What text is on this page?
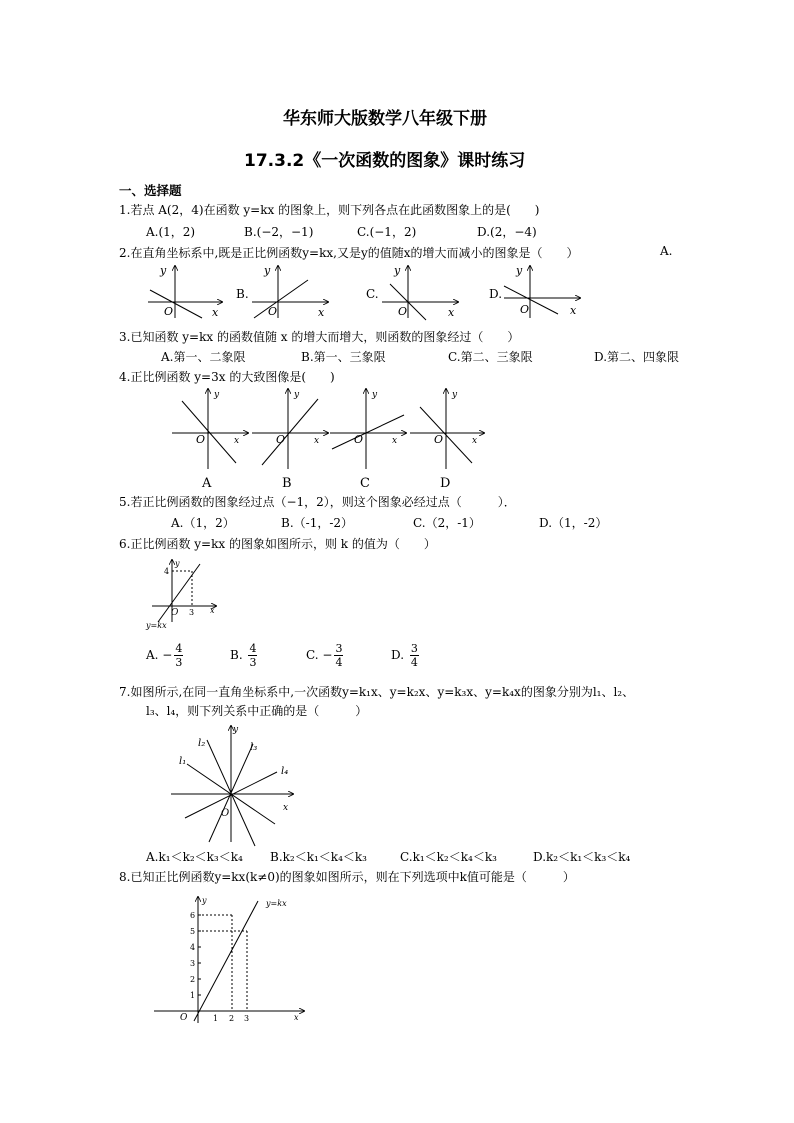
华东师大版数学八年级下册
17.3.2《一次函数的图象》课时练习
一、选择题
1.若点 A(2，4)在函数 y=kx 的图象上，则下列各点在此函数图象上的是(　　)
A.(1，2)	B.(−2，−1)	C.(−1，2)	D.(2，−4)
2.在直角坐标系中,既是正比例函数y=kx,又是y的值随x的增大而减小的图象是（　　）	A.
B.	C.	D.
y
O	x
y
O	x
y
O	x
y
O	x
3.已知函数 y=kx 的函数值随 x 的增大而增大，则函数的图象经过（　　）
A.第一、二象限	B.第一、三象限	C.第二、三象限	D.第二、四象限
4.正比例函数 y=3x 的大致图像是(　　)
y
O	x
A
y
O	x
B
y
O	x
C
y
O	x
D
5.若正比例函数的图象经过点（−1，2），则这个图象必经过点（　　　）．
A.（1，2）	B.（-1，-2）	C.（2，-1）	D.（1，-2）
6.正比例函数 y=kx 的图象如图所示，则 k 的值为（　　）
4
3
O	x
y
y=kx
A. − $\frac{4}{3}$	B. $\frac{4}{3}$	C. − $\frac{3}{4}$	D. $\frac{3}{4}$
7.如图所示,在同一直角坐标系中,一次函数y=k₁x、y=k₂x、y=k₃x、y=k₄x的图象分别为l₁、l₂、
l₃、l₄，则下列关系中正确的是（　　　）
l₁
l₂	l₃
l₄
O	x
y
A.k₁＜k₂＜k₃＜k₄ B.k₂＜k₁＜k₄＜k₃	C.k₁＜k₂＜k₄＜k₃	D.k₂＜k₁＜k₃＜k₄
8.已知正比例函数y=kx(k≠0)的图象如图所示，则在下列选项中k值可能是（　　　）
1
2
3
4
5
6
1 2 3
O	x
y	y=kx
